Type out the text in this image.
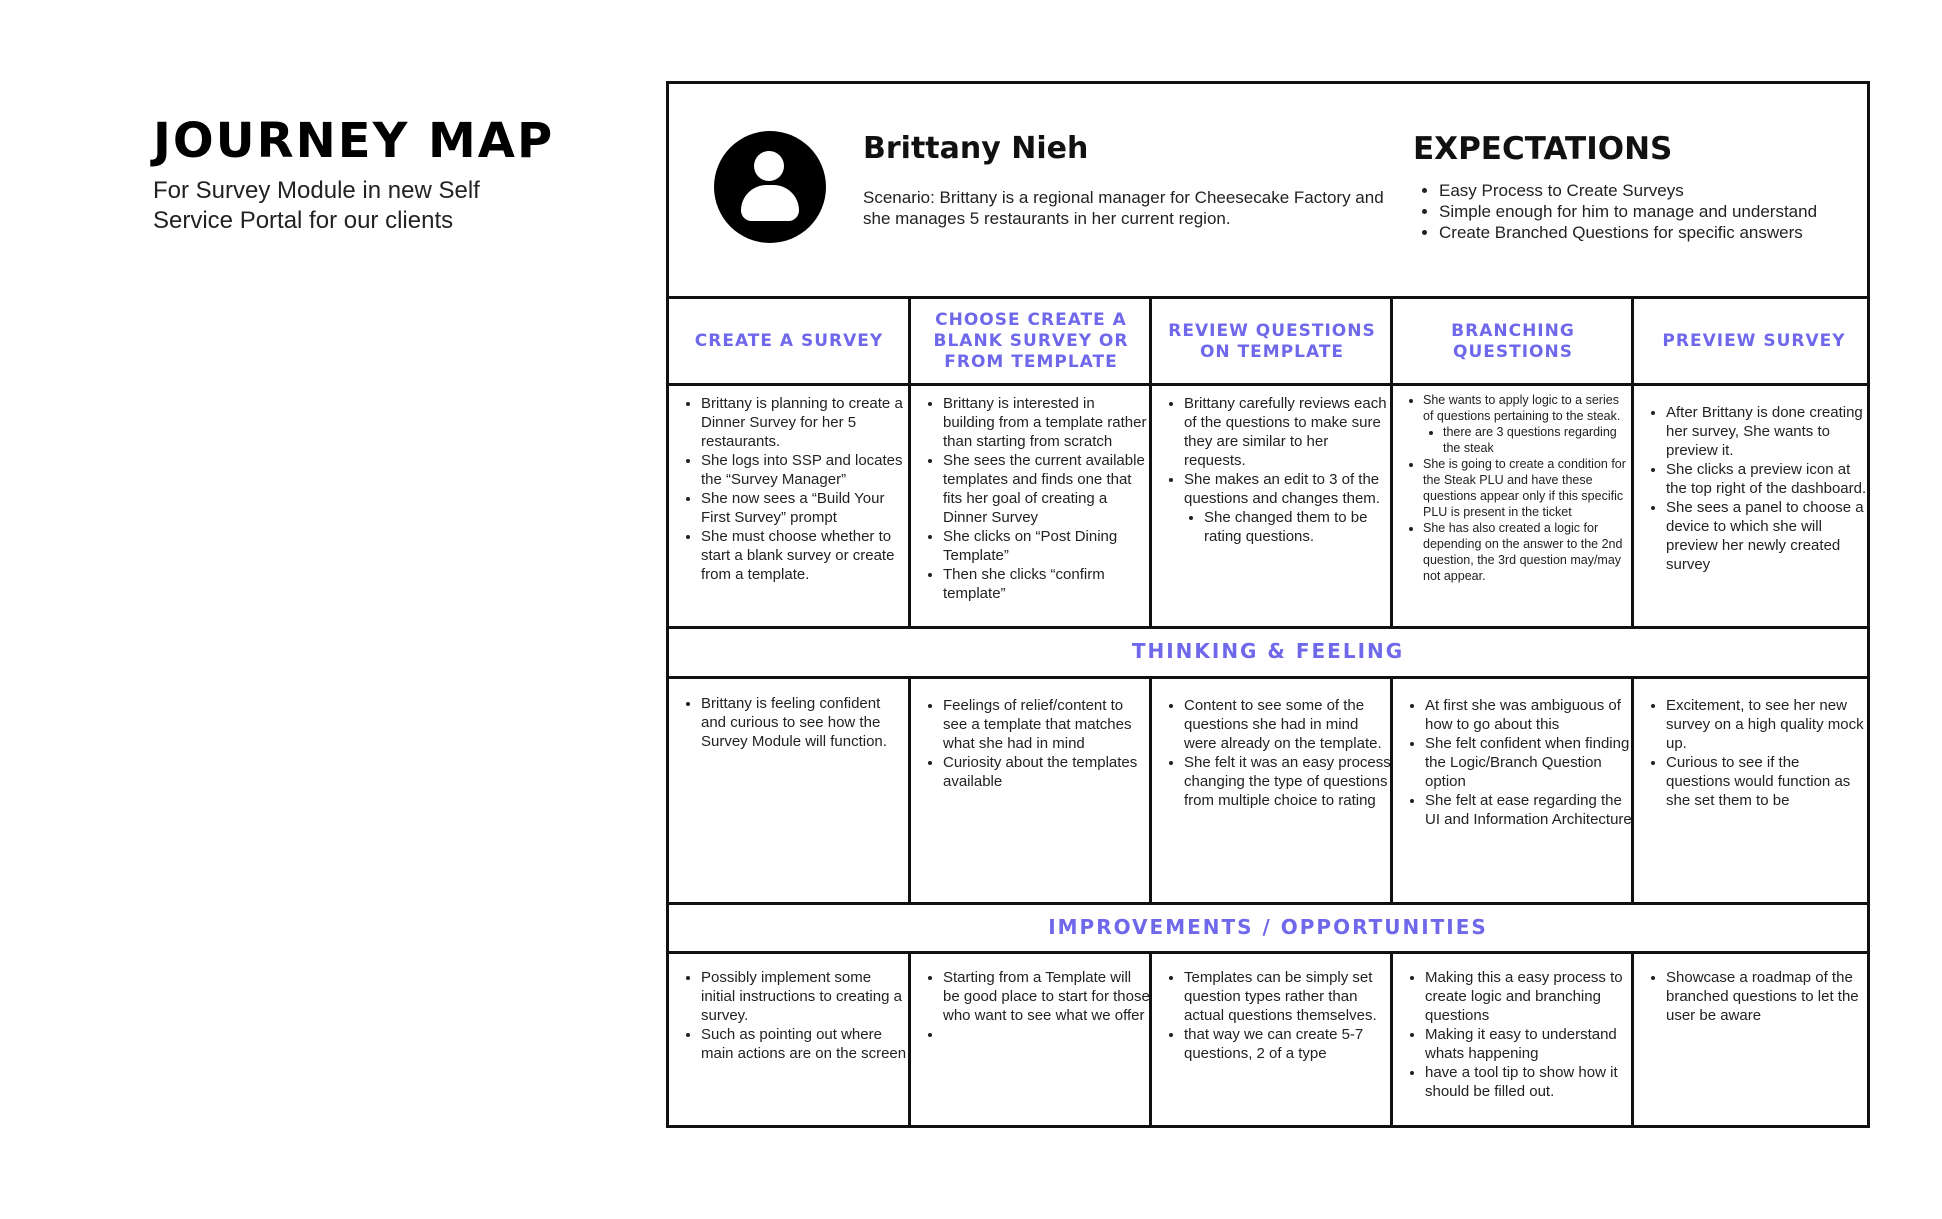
JOURNEY MAP

For Survey Module in new Self Service Portal for our clients

Brittany Nieh

Scenario: Brittany is a regional manager for Cheesecake Factory and she manages 5 restaurants in her current region.

EXPECTATIONS
• Easy Process to Create Surveys
• Simple enough for him to manage and understand
• Create Branched Questions for specific answers
CREATE A SURVEY
CHOOSE CREATE A BLANK SURVEY OR FROM TEMPLATE
REVIEW QUESTIONS ON TEMPLATE
BRANCHING QUESTIONS
PREVIEW SURVEY
• Brittany is planning to create a Dinner Survey for her 5 restaurants.
• She logs into SSP and locates the “Survey Manager”
• She now sees a “Build Your First Survey” prompt
• She must choose whether to start a blank survey or create from a template.
• Brittany is interested in building from a template rather than starting from scratch
• She sees the current available templates and finds one that fits her goal of creating a Dinner Survey
• She clicks on “Post Dining Template”
• Then she clicks “confirm template”
• Brittany carefully reviews each of the questions to make sure they are similar to her requests.
• She makes an edit to 3 of the questions and changes them.
• She changed them to be rating questions.
• She wants to apply logic to a series of questions pertaining to the steak.
• there are 3 questions regarding the steak
• She is going to create a condition for the Steak PLU and have these questions appear only if this specific PLU is present in the ticket
• She has also created a logic for depending on the answer to the 2nd question, the 3rd question may/may not appear.
• After Brittany is done creating her survey, She wants to preview it.
• She clicks a preview icon at the top right of the dashboard.
• She sees a panel to choose a device to which she will preview her newly created survey
THINKING & FEELING
• Brittany is feeling confident and curious to see how the Survey Module will function.
• Feelings of relief/content to see a template that matches what she had in mind
• Curiosity about the templates available
• Content to see some of the questions she had in mind were already on the template.
• She felt it was an easy process changing the type of questions from multiple choice to rating
• At first she was ambiguous of how to go about this
• She felt confident when finding the Logic/Branch Question option
• She felt at ease regarding the UI and Information Architecture
• Excitement, to see her new survey on a high quality mock up.
• Curious to see if the questions would function as she set them to be
IMPROVEMENTS / OPPORTUNITIES
• Possibly implement some initial instructions to creating a survey.
• Such as pointing out where main actions are on the screen
• Starting from a Template will be good place to start for those who want to see what we offer
•
• Templates can be simply set question types rather than actual questions themselves.
• that way we can create 5-7 questions, 2 of a type
• Making this a easy process to create logic and branching questions
• Making it easy to understand whats happening
• have a tool tip to show how it should be filled out.
• Showcase a roadmap of the branched questions to let the user be aware
